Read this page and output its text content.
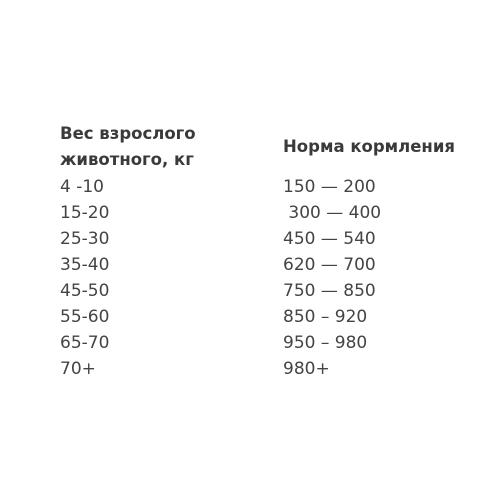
Вес взрослого
животного, кг
Норма кормления
4 -10	150 — 200
15-20	300 — 400
25-30	450 — 540
35-40	620 — 700
45-50	750 — 850
55-60	850 – 920
65-70	950 – 980
70+	980+
